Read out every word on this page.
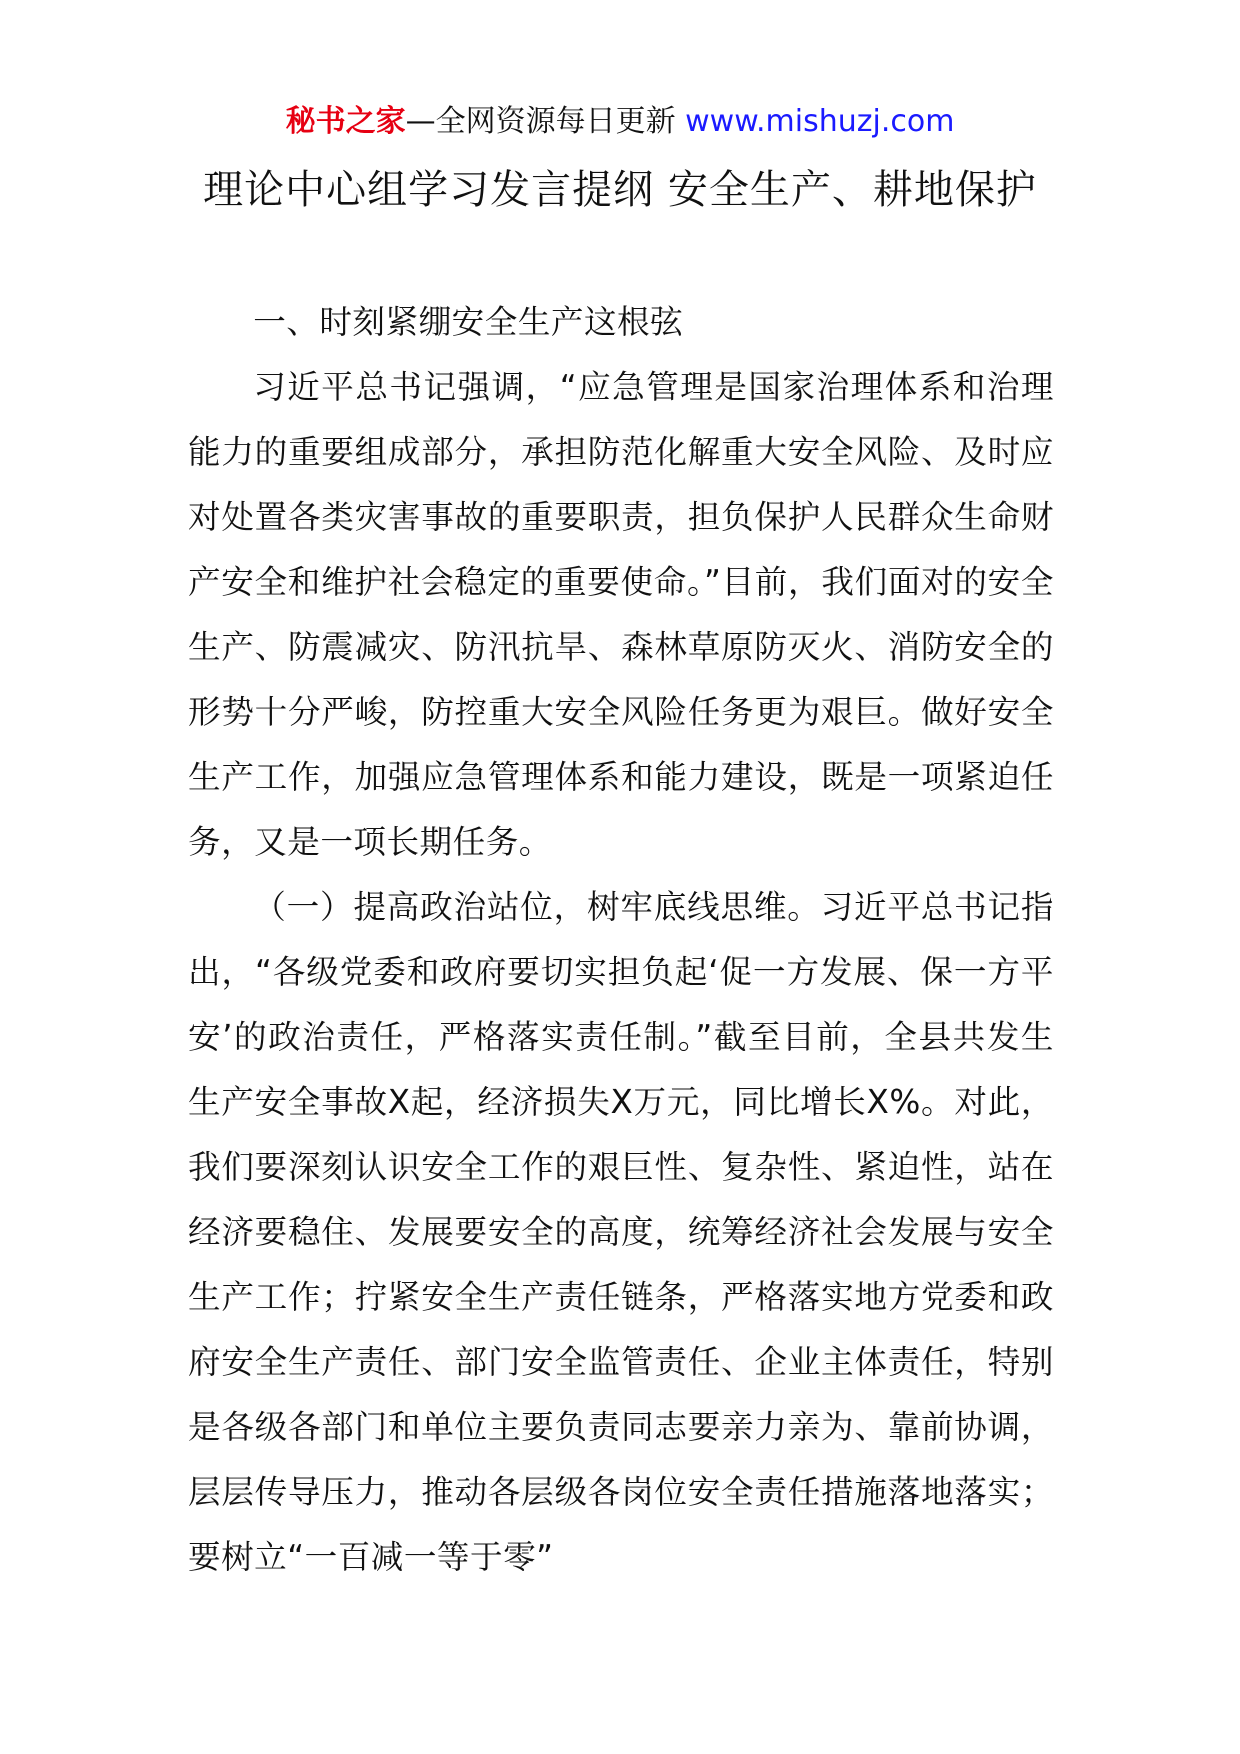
秘书之家—全网资源每日更新 www.mishuzj.com
理论中心组学习发言提纲 安全生产、耕地保护
一、时刻紧绷安全生产这根弦

习近平总书记强调，“应急管理是国家治理体系和治理能力的重要组成部分，承担防范化解重大安全风险、及时应对处置各类灾害事故的重要职责，担负保护人民群众生命财产安全和维护社会稳定的重要使命。”目前，我们面对的安全生产、防震减灾、防汛抗旱、森林草原防灭火、消防安全的形势十分严峻，防控重大安全风险任务更为艰巨。做好安全生产工作，加强应急管理体系和能力建设，既是一项紧迫任务，又是一项长期任务。

（一）提高政治站位，树牢底线思维。习近平总书记指出，“各级党委和政府要切实担负起‘促一方发展、保一方平安’的政治责任，严格落实责任制。”截至目前，全县共发生生产安全事故X起，经济损失X万元，同比增长X%。对此，我们要深刻认识安全工作的艰巨性、复杂性、紧迫性，站在经济要稳住、发展要安全的高度，统筹经济社会发展与安全生产工作；拧紧安全生产责任链条，严格落实地方党委和政府安全生产责任、部门安全监管责任、企业主体责任，特别是各级各部门和单位主要负责同志要亲力亲为、靠前协调，层层传导压力，推动各层级各岗位安全责任措施落地落实；要树立“一百减一等于零”
